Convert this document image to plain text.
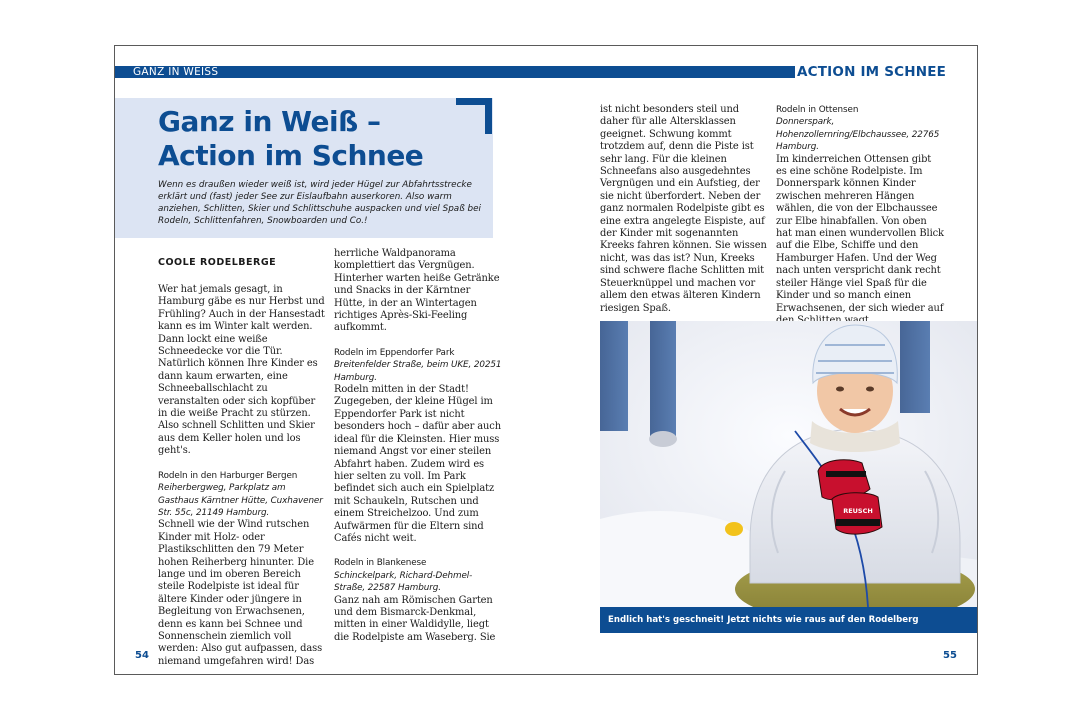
GANZ IN WEISS	ACTION IM SCHNEE
Ganz in Weiß –
Action im Schnee
Wenn es draußen wieder weiß ist, wird jeder Hügel zur Abfahrtsstrecke erklärt und (fast) jeder See zur Eislaufbahn auserkoren. Also warm anziehen, Schlitten, Skier und Schlittschuhe auspacken und viel Spaß bei Rodeln, Schlittenfahren, Snowboarden und Co.!
COOLE RODELBERGE

Wer hat jemals gesagt, in Hamburg gäbe es nur Herbst und Frühling? Auch in der Hansestadt kann es im Winter kalt werden. Dann lockt eine weiße Schneedecke vor die Tür. Natürlich können Ihre Kinder es dann kaum erwarten, eine Schneeballschlacht zu veranstalten oder sich kopfüber in die weiße Pracht zu stürzen. Also schnell Schlitten und Skier aus dem Keller holen und los geht's.

Rodeln in den Harburger Bergen

Reiherbergweg, Parkplatz am Gasthaus Kärntner Hütte, Cuxhavener Str. 55c, 21149 Hamburg.

Schnell wie der Wind rutschen Kinder mit Holz- oder Plastikschlitten den 79 Meter hohen Reiherberg hinunter. Die lange und im oberen Bereich steile Rodelpiste ist ideal für ältere Kinder oder jüngere in Begleitung von Erwachsenen, denn es kann bei Schnee und Sonnenschein ziemlich voll werden: Also gut aufpassen, dass niemand umgefahren wird! Das

herrliche Waldpanorama komplettiert das Vergnügen. Hinterher warten heiße Getränke und Snacks in der Kärntner Hütte, in der an Wintertagen richtiges Après-Ski-Feeling aufkommt.

Rodeln im Eppendorfer Park

Breitenfelder Straße, beim UKE, 20251 Hamburg.

Rodeln mitten in der Stadt! Zugegeben, der kleine Hügel im Eppendorfer Park ist nicht besonders hoch – dafür aber auch ideal für die Kleinsten. Hier muss niemand Angst vor einer steilen Abfahrt haben. Zudem wird es hier selten zu voll. Im Park befindet sich auch ein Spielplatz mit Schaukeln, Rutschen und einem Streichelzoo. Und zum Aufwärmen für die Eltern sind Cafés nicht weit.

Rodeln in Blankenese

Schinckelpark, Richard-Dehmel-Straße, 22587 Hamburg.

Ganz nah am Römischen Garten und dem Bismarck-Denkmal, mitten in einer Waldidylle, liegt die Rodelpiste am Waseberg. Sie

ist nicht besonders steil und daher für alle Altersklassen geeignet. Schwung kommt trotzdem auf, denn die Piste ist sehr lang. Für die kleinen Schneefans also ausgedehntes Vergnügen und ein Aufstieg, der sie nicht überfordert. Neben der ganz normalen Rodelpiste gibt es eine extra angelegte Eispiste, auf der Kinder mit sogenannten Kreeks fahren können. Sie wissen nicht, was das ist? Nun, Kreeks sind schwere flache Schlitten mit Steuerknüppel und machen vor allem den etwas älteren Kindern riesigen Spaß.

Rodeln in Ottensen

Donnerspark, Hohenzollernring/Elbchaussee, 22765 Hamburg.

Im kinderreichen Ottensen gibt es eine schöne Rodelpiste. Im Donnerspark können Kinder zwischen mehreren Hängen wählen, die von der Elbchaussee zur Elbe hinabfallen. Von oben hat man einen wundervollen Blick auf die Elbe, Schiffe und den Hamburger Hafen. Und der Weg nach unten verspricht dank recht steiler Hänge viel Spaß für die Kinder und so manch einen Erwachsenen, der sich wieder auf

REUSCH
Endlich hat's geschneit! Jetzt nichts wie raus auf den Rodelberg
54	55
